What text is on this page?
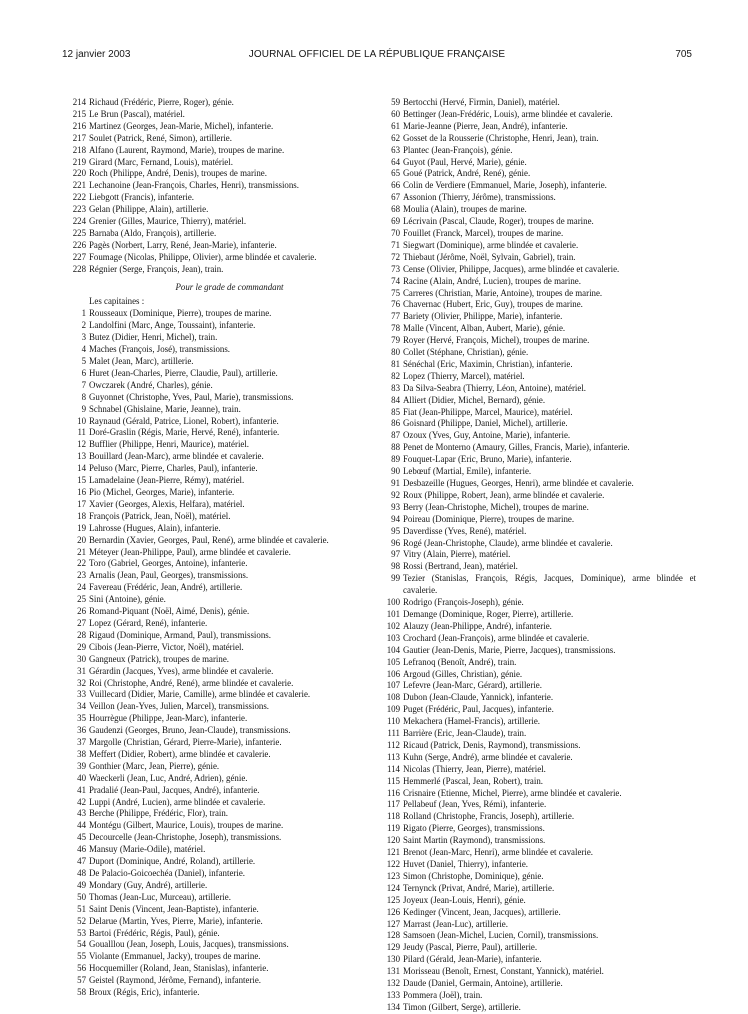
12 janvier 2003	JOURNAL OFFICIEL DE LA RÉPUBLIQUE FRANÇAISE	705
214 Richaud (Frédéric, Pierre, Roger), génie.
215 Le Brun (Pascal), matériel.
216 Martinez (Georges, Jean-Marie, Michel), infanterie.
217 Soulet (Patrick, René, Simon), artillerie.
218 Alfano (Laurent, Raymond, Marie), troupes de marine.
219 Girard (Marc, Fernand, Louis), matériel.
220 Roch (Philippe, André, Denis), troupes de marine.
221 Lechanoine (Jean-François, Charles, Henri), transmissions.
222 Liebgott (Francis), infanterie.
223 Gelan (Philippe, Alain), artillerie.
224 Grenier (Gilles, Maurice, Thierry), matériel.
225 Barnaba (Aldo, François), artillerie.
226 Pagès (Norbert, Larry, René, Jean-Marie), infanterie.
227 Foumage (Nicolas, Philippe, Olivier), arme blindée et cavalerie.
228 Régnier (Serge, François, Jean), train.
Pour le grade de commandant
Les capitaines :
1 Rousseaux (Dominique, Pierre), troupes de marine.
2 Landolfini (Marc, Ange, Toussaint), infanterie.
3 Butez (Didier, Henri, Michel), train.
4 Maches (François, José), transmissions.
5 Malet (Jean, Marc), artillerie.
6 Huret (Jean-Charles, Pierre, Claudie, Paul), artillerie.
7 Owczarek (André, Charles), génie.
8 Guyonnet (Christophe, Yves, Paul, Marie), transmissions.
9 Schnabel (Ghislaine, Marie, Jeanne), train.
10 Raynaud (Gérald, Patrice, Lionel, Robert), infanterie.
11 Doré-Graslin (Régis, Marie, Hervé, René), infanterie.
12 Bufflier (Philippe, Henri, Maurice), matériel.
13 Bouillard (Jean-Marc), arme blindée et cavalerie.
14 Peluso (Marc, Pierre, Charles, Paul), infanterie.
15 Lamadelaine (Jean-Pierre, Rémy), matériel.
16 Pio (Michel, Georges, Marie), infanterie.
17 Xavier (Georges, Alexis, Helfara), matériel.
18 François (Patrick, Jean, Noël), matériel.
19 Lahrosse (Hugues, Alain), infanterie.
20 Bernardin (Xavier, Georges, Paul, René), arme blindée et cavalerie.
21 Méteyer (Jean-Philippe, Paul), arme blindée et cavalerie.
22 Toro (Gabriel, Georges, Antoine), infanterie.
23 Arnalis (Jean, Paul, Georges), transmissions.
24 Favereau (Frédéric, Jean, André), artillerie.
25 Sini (Antoine), génie.
26 Romand-Piquant (Noël, Aimé, Denis), génie.
27 Lopez (Gérard, René), infanterie.
28 Rigaud (Dominique, Armand, Paul), transmissions.
29 Cibois (Jean-Pierre, Victor, Noël), matériel.
30 Gangneux (Patrick), troupes de marine.
31 Gérardin (Jacques, Yves), arme blindée et cavalerie.
32 Roi (Christophe, André, René), arme blindée et cavalerie.
33 Vuillecard (Didier, Marie, Camille), arme blindée et cavalerie.
34 Veillon (Jean-Yves, Julien, Marcel), transmissions.
35 Hourrègue (Philippe, Jean-Marc), infanterie.
36 Gaudenzi (Georges, Bruno, Jean-Claude), transmissions.
37 Margolle (Christian, Gérard, Pierre-Marie), infanterie.
38 Meffert (Didier, Robert), arme blindée et cavalerie.
39 Gonthier (Marc, Jean, Pierre), génie.
40 Waeckerli (Jean, Luc, André, Adrien), génie.
41 Pradalié (Jean-Paul, Jacques, André), infanterie.
42 Luppi (André, Lucien), arme blindée et cavalerie.
43 Berche (Philippe, Frédéric, Flor), train.
44 Montégu (Gilbert, Maurice, Louis), troupes de marine.
45 Decourcelle (Jean-Christophe, Joseph), transmissions.
46 Mansuy (Marie-Odile), matériel.
47 Duport (Dominique, André, Roland), artillerie.
48 De Palacio-Goicoechéa (Daniel), infanterie.
49 Mondary (Guy, André), artillerie.
50 Thomas (Jean-Luc, Murceau), artillerie.
51 Saint Denis (Vincent, Jean-Baptiste), infanterie.
52 Delarue (Martin, Yves, Pierre, Marie), infanterie.
53 Bartoi (Frédéric, Régis, Paul), génie.
54 Goualllou (Jean, Joseph, Louis, Jacques), transmissions.
55 Violante (Emmanuel, Jacky), troupes de marine.
56 Hocquemiller (Roland, Jean, Stanislas), infanterie.
57 Geistel (Raymond, Jérôme, Fernand), infanterie.
58 Broux (Régis, Eric), infanterie.
59 Bertocchi (Hervé, Firmin, Daniel), matériel.
60 Bettinger (Jean-Frédéric, Louis), arme blindée et cavalerie.
61 Marie-Jeanne (Pierre, Jean, André), infanterie.
62 Gosset de la Rousserie (Christophe, Henri, Jean), train.
63 Plantec (Jean-François), génie.
64 Guyot (Paul, Hervé, Marie), génie.
65 Goué (Patrick, André, René), génie.
66 Colin de Verdiere (Emmanuel, Marie, Joseph), infanterie.
67 Assonion (Thierry, Jérôme), transmissions.
68 Moulia (Alain), troupes de marine.
69 Lécrivain (Pascal, Claude, Roger), troupes de marine.
70 Fouillet (Franck, Marcel), troupes de marine.
71 Siegwart (Dominique), arme blindée et cavalerie.
72 Thiebaut (Jérôme, Noël, Sylvain, Gabriel), train.
73 Cense (Olivier, Philippe, Jacques), arme blindée et cavalerie.
74 Racine (Alain, André, Lucien), troupes de marine.
75 Carreres (Christian, Marie, Antoine), troupes de marine.
76 Chavernac (Hubert, Eric, Guy), troupes de marine.
77 Bariety (Olivier, Philippe, Marie), infanterie.
78 Malle (Vincent, Alban, Aubert, Marie), génie.
79 Royer (Hervé, François, Michel), troupes de marine.
80 Collet (Stéphane, Christian), génie.
81 Sénéchal (Eric, Maximin, Christian), infanterie.
82 Lopez (Thierry, Marcel), matériel.
83 Da Silva-Seabra (Thierry, Léon, Antoine), matériel.
84 Alliert (Didier, Michel, Bernard), génie.
85 Fiat (Jean-Philippe, Marcel, Maurice), matériel.
86 Goisnard (Philippe, Daniel, Michel), artillerie.
87 Ozoux (Yves, Guy, Antoine, Marie), infanterie.
88 Penet de Monterno (Amaury, Gilles, Francis, Marie), infanterie.
89 Fouquet-Lapar (Eric, Bruno, Marie), infanterie.
90 Lebœuf (Martial, Emile), infanterie.
91 Desbazeille (Hugues, Georges, Henri), arme blindée et cavalerie.
92 Roux (Philippe, Robert, Jean), arme blindée et cavalerie.
93 Berry (Jean-Christophe, Michel), troupes de marine.
94 Poireau (Dominique, Pierre), troupes de marine.
95 Daverdisse (Yves, René), matériel.
96 Rogé (Jean-Christophe, Claude), arme blindée et cavalerie.
97 Vitry (Alain, Pierre), matériel.
98 Rossi (Bertrand, Jean), matériel.
99 Tezier (Stanislas, François, Régis, Jacques, Dominique), arme blindée et cavalerie.
100 Rodrigo (François-Joseph), génie.
101 Demange (Dominique, Roger, Pierre), artillerie.
102 Alauzy (Jean-Philippe, André), infanterie.
103 Crochard (Jean-François), arme blindée et cavalerie.
104 Gautier (Jean-Denis, Marie, Pierre, Jacques), transmissions.
105 Lefranoq (Benoît, André), train.
106 Argoud (Gilles, Christian), génie.
107 Lefevre (Jean-Marc, Gérard), artillerie.
108 Dubon (Jean-Claude, Yannick), infanterie.
109 Puget (Frédéric, Paul, Jacques), infanterie.
110 Mekachera (Hamel-Francis), artillerie.
111 Barrière (Eric, Jean-Claude), train.
112 Ricaud (Patrick, Denis, Raymond), transmissions.
113 Kuhn (Serge, André), arme blindée et cavalerie.
114 Nicolas (Thierry, Jean, Pierre), matériel.
115 Hemmerlé (Pascal, Jean, Robert), train.
116 Crisnaire (Etienne, Michel, Pierre), arme blindée et cavalerie.
117 Pellabeuf (Jean, Yves, Rémi), infanterie.
118 Rolland (Christophe, Francis, Joseph), artillerie.
119 Rigato (Pierre, Georges), transmissions.
120 Saint Martin (Raymond), transmissions.
121 Brenot (Jean-Marc, Henri), arme blindée et cavalerie.
122 Huvet (Daniel, Thierry), infanterie.
123 Simon (Christophe, Dominique), génie.
124 Ternynck (Privat, André, Marie), artillerie.
125 Joyeux (Jean-Louis, Henri), génie.
126 Kedinger (Vincent, Jean, Jacques), artillerie.
127 Marrast (Jean-Luc), artillerie.
128 Samsoen (Jean-Michel, Lucien, Cornil), transmissions.
129 Jeudy (Pascal, Pierre, Paul), artillerie.
130 Pilard (Gérald, Jean-Marie), infanterie.
131 Morisseau (Benoît, Ernest, Constant, Yannick), matériel.
132 Daude (Daniel, Germain, Antoine), artillerie.
133 Pommera (Joël), train.
134 Timon (Gilbert, Serge), artillerie.
